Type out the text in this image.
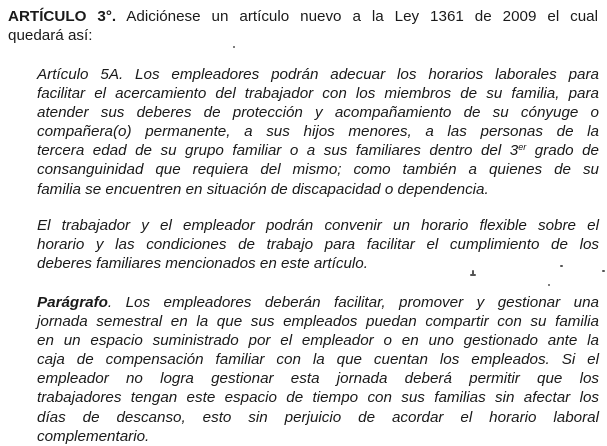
ARTÍCULO 3°. Adiciónese un artículo nuevo a la Ley 1361 de 2009 el cual
quedará así:
Artículo 5A. Los empleadores podrán adecuar los horarios laborales para
facilitar el acercamiento del trabajador con los miembros de su familia, para
atender sus deberes de protección y acompañamiento de su cónyuge o
compañera(o) permanente, a sus hijos menores, a las personas de la
tercera edad de su grupo familiar o a sus familiares dentro del 3er grado de
consanguinidad que requiera del mismo; como también a quienes de su
familia se encuentren en situación de discapacidad o dependencia.
El trabajador y el empleador podrán convenir un horario flexible sobre el
horario y las condiciones de trabajo para facilitar el cumplimiento de los
deberes familiares mencionados en este artículo.
Parágrafo. Los empleadores deberán facilitar, promover y gestionar una
jornada semestral en la que sus empleados puedan compartir con su familia
en un espacio suministrado por el empleador o en uno gestionado ante la
caja de compensación familiar con la que cuentan los empleados. Si el
empleador no logra gestionar esta jornada deberá permitir que los
trabajadores tengan este espacio de tiempo con sus familias sin afectar los
días de descanso, esto sin perjuicio de acordar el horario laboral
complementario.
